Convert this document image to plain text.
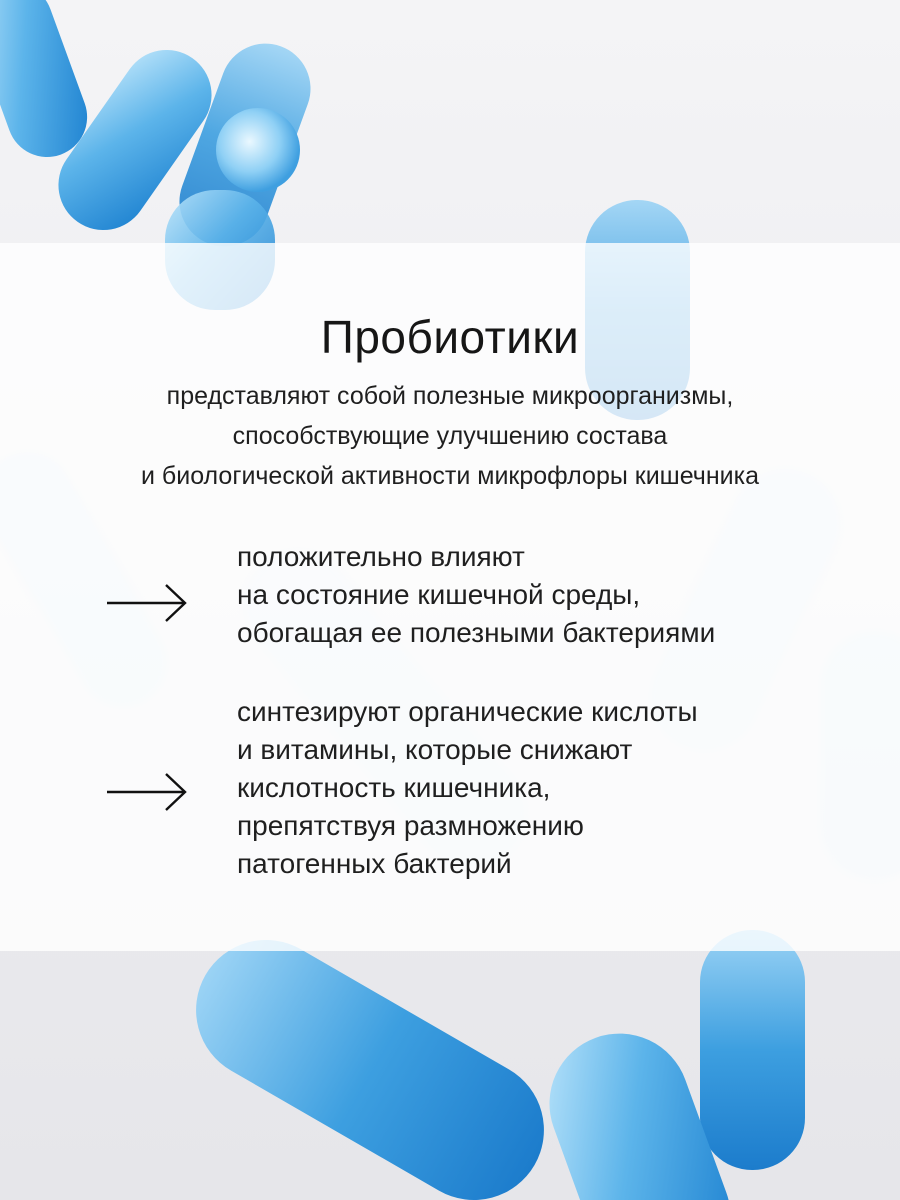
Пробиотики
представляют собой полезные микроорганизмы,
способствующие улучшению состава
и биологической активности микрофлоры кишечника
положительно влияют
на состояние кишечной среды,
обогащая ее полезными бактериями
синтезируют органические кислоты
и витамины, которые снижают
кислотность кишечника,
препятствуя размножению
патогенных бактерий
